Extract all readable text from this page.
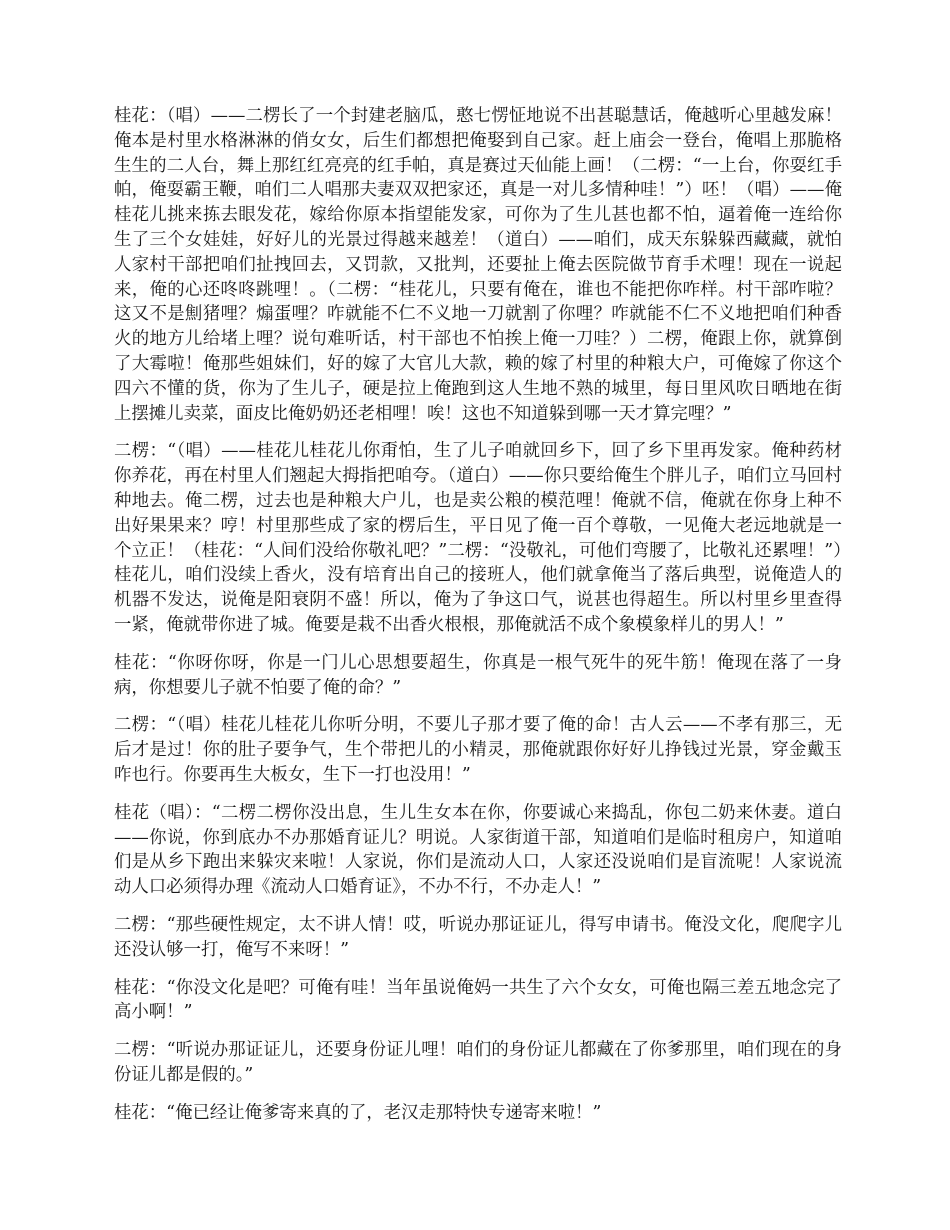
桂花：（唱）——二楞长了一个封建老脑瓜，憨七愣怔地说不出甚聪慧话，俺越听心里越发麻！俺本是村里水格淋淋的俏女女，后生们都想把俺娶到自己家。赶上庙会一登台，俺唱上那脆格生生的二人台，舞上那红红亮亮的红手帕，真是赛过天仙能上画！（二楞：“一上台，你耍红手帕，俺耍霸王鞭，咱们二人唱那夫妻双双把家还，真是一对儿多情种哇！”）呸！（唱）——俺桂花儿挑来拣去眼发花，嫁给你原本指望能发家，可你为了生儿甚也都不怕，逼着俺一连给你生了三个女娃娃，好好儿的光景过得越来越差！（道白）——咱们，成天东躲躲西藏藏，就怕人家村干部把咱们扯拽回去，又罚款，又批判，还要扯上俺去医院做节育手术哩！现在一说起来，俺的心还咚咚跳哩！。（二楞：“桂花儿，只要有俺在，谁也不能把你咋样。村干部咋啦？这又不是劁猪哩？煽蛋哩？咋就能不仁不义地一刀就割了你哩？咋就能不仁不义地把咱们种香火的地方儿给堵上哩？说句难听话，村干部也不怕挨上俺一刀哇？）二楞，俺跟上你，就算倒了大霉啦！俺那些姐妹们，好的嫁了大官儿大款，赖的嫁了村里的种粮大户，可俺嫁了你这个四六不懂的货，你为了生儿子，硬是拉上俺跑到这人生地不熟的城里，每日里风吹日晒地在街上摆摊儿卖菜，面皮比俺奶奶还老相哩！唉！这也不知道躲到哪一天才算完哩？”

二楞：“（唱）——桂花儿桂花儿你甭怕，生了儿子咱就回乡下，回了乡下里再发家。俺种药材你养花，再在村里人们翘起大拇指把咱夸。（道白）——你只要给俺生个胖儿子，咱们立马回村种地去。俺二楞，过去也是种粮大户儿，也是卖公粮的模范哩！俺就不信，俺就在你身上种不出好果果来？哼！村里那些成了家的楞后生，平日见了俺一百个尊敬，一见俺大老远地就是一个立正！（桂花：“人间们没给你敬礼吧？”二楞：“没敬礼，可他们弯腰了，比敬礼还累哩！”）桂花儿，咱们没续上香火，没有培育出自己的接班人，他们就拿俺当了落后典型，说俺造人的机器不发达，说俺是阳衰阴不盛！所以，俺为了争这口气，说甚也得超生。所以村里乡里查得一紧，俺就带你进了城。俺要是栽不出香火根根，那俺就活不成个象模象样儿的男人！”

桂花：“你呀你呀，你是一门儿心思想要超生，你真是一根气死牛的死牛筋！俺现在落了一身病，你想要儿子就不怕要了俺的命？”

二楞：“（唱）桂花儿桂花儿你听分明，不要儿子那才要了俺的命！古人云——不孝有那三，无后才是过！你的肚子要争气，生个带把儿的小精灵，那俺就跟你好好儿挣钱过光景，穿金戴玉咋也行。你要再生大板女，生下一打也没用！”

桂花（唱）：“二楞二楞你没出息，生儿生女本在你，你要诚心来捣乱，你包二奶来休妻。道白——你说，你到底办不办那婚育证儿？明说。人家街道干部，知道咱们是临时租房户，知道咱们是从乡下跑出来躲灾来啦！人家说，你们是流动人口，人家还没说咱们是盲流呢！人家说流动人口必须得办理《流动人口婚育证》，不办不行，不办走人！”

二楞：“那些硬性规定，太不讲人情！哎，听说办那证证儿，得写申请书。俺没文化，爬爬字儿还没认够一打，俺写不来呀！”

桂花：“你没文化是吧？可俺有哇！当年虽说俺妈一共生了六个女女，可俺也隔三差五地念完了高小啊！”

二楞：“听说办那证证儿，还要身份证儿哩！咱们的身份证儿都藏在了你爹那里，咱们现在的身份证儿都是假的。”

桂花：“俺已经让俺爹寄来真的了，老汉走那特快专递寄来啦！”
